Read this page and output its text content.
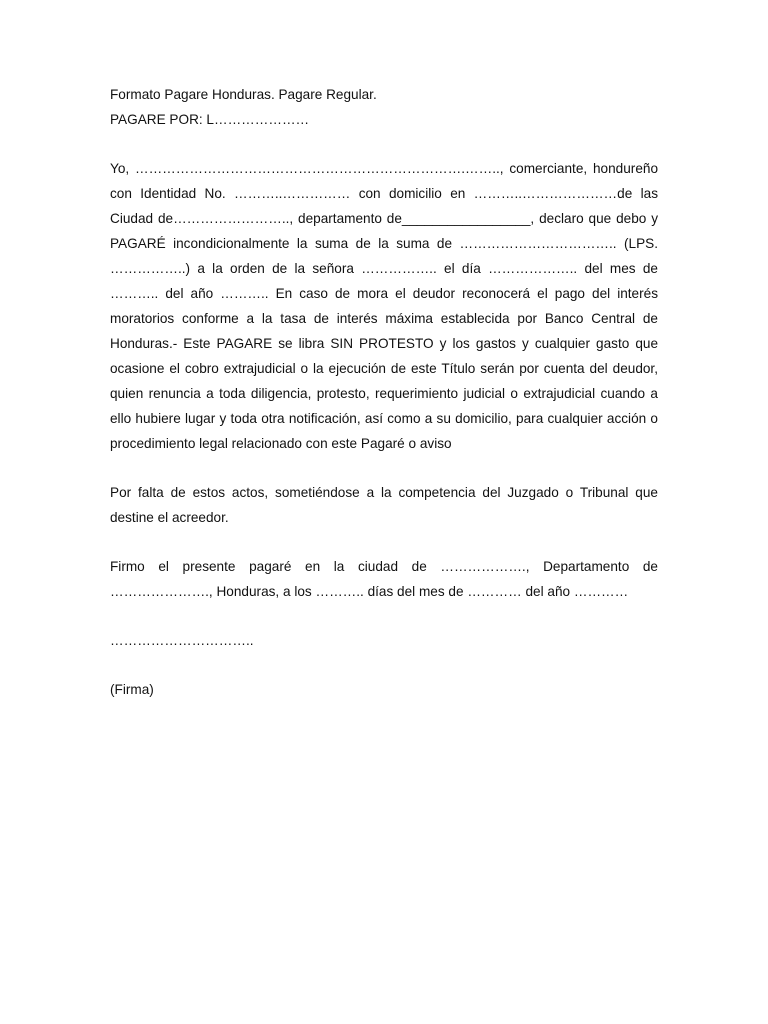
Formato Pagare Honduras. Pagare Regular.

PAGARE POR: L…………………

Yo, ……………………………………………………………….…….., comerciante, hondureño con Identidad No. ………..…………… con domicilio en ………..…………………de las Ciudad de…………………….., departamento de_________________, declaro que debo y PAGARÉ incondicionalmente la suma de la suma de …………………………….. (LPS. ……………..) a la orden de la señora …………….. el día ……………….. del mes de ……….. del año ……….. En caso de mora el deudor reconocerá el pago del interés moratorios conforme a la tasa de interés máxima establecida por Banco Central de Honduras.- Este PAGARE se libra SIN PROTESTO y los gastos y cualquier gasto que ocasione el cobro extrajudicial o la ejecución de este Título serán por cuenta del deudor, quien renuncia a toda diligencia, protesto, requerimiento judicial o extrajudicial cuando a ello hubiere lugar y toda otra notificación, así como a su domicilio, para cualquier acción o procedimiento legal relacionado con este Pagaré o aviso

Por falta de estos actos, sometiéndose a la competencia del Juzgado o Tribunal que destine el acreedor.

Firmo el presente pagaré en la ciudad de ………………., Departamento de …………………., Honduras, a los ……….. días del mes de ………… del año …………

…………………………..

(Firma)
